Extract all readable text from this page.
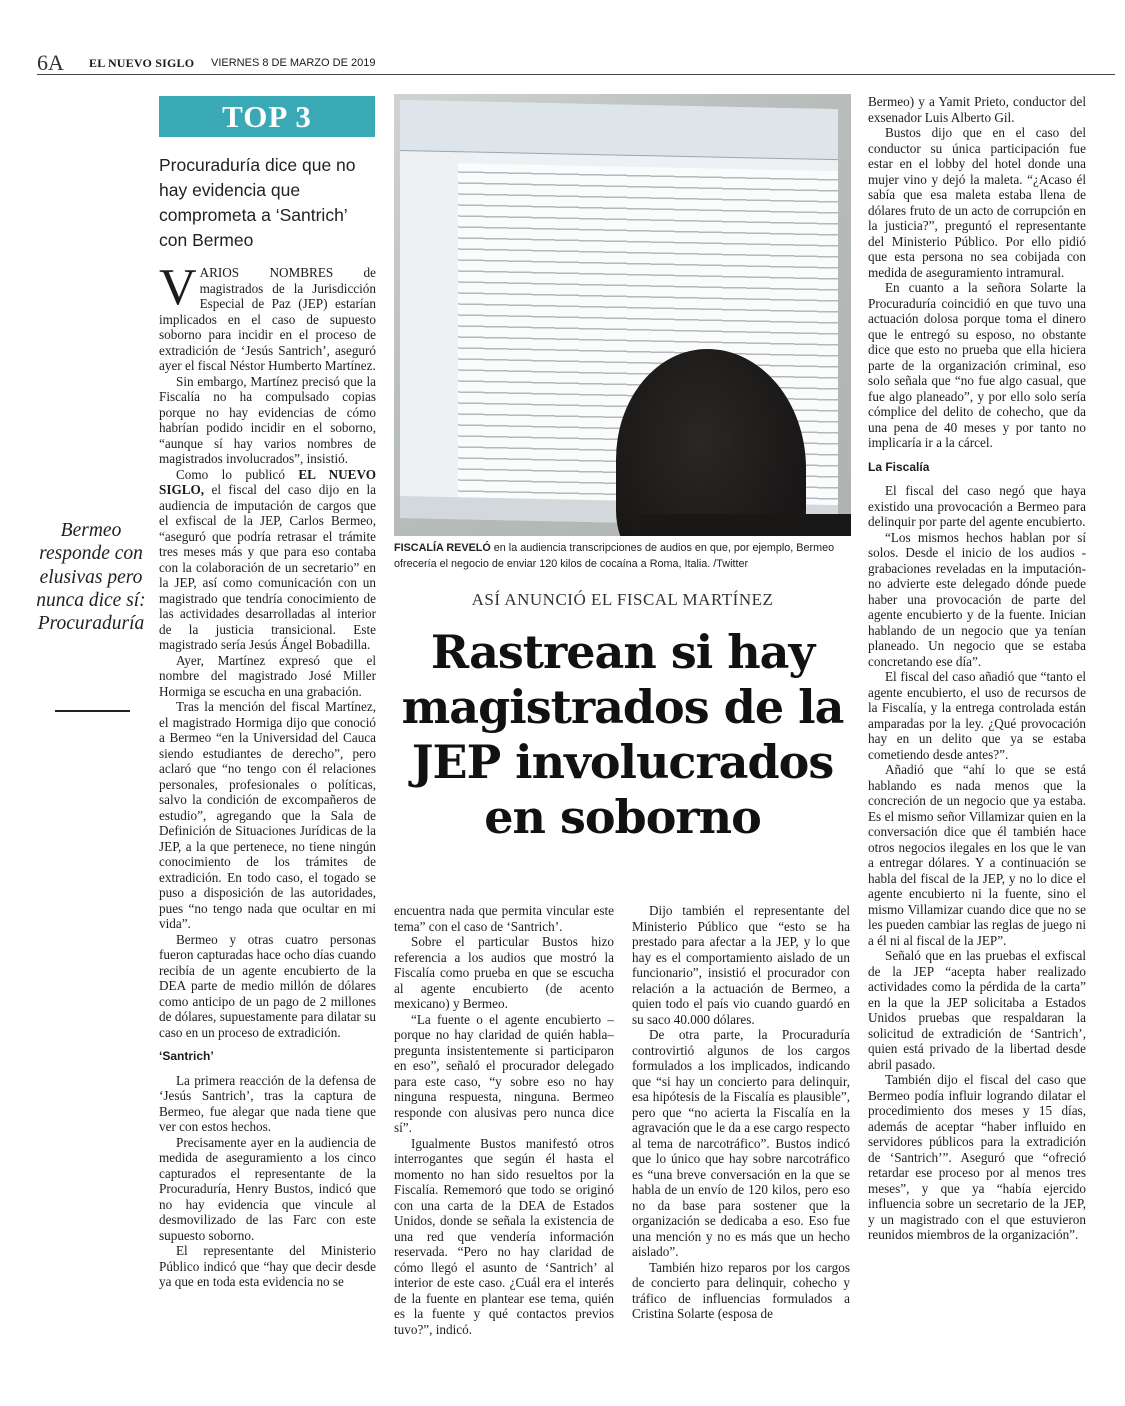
6A EL NUEVO SIGLO VIERNES 8 DE MARZO DE 2019
TOP 3
Procuraduría dice que no hay evidencia que comprometa a ‘Santrich’ con Bermeo

VARIOS NOMBRES de magistrados de la Jurisdicción Especial de Paz (JEP) estarían implicados en el caso de supuesto soborno para incidir en el proceso de extradición de ‘Jesús Santrich’, aseguró ayer el fiscal Néstor Humberto Martínez.

Sin embargo, Martínez precisó que la Fiscalía no ha compulsado copias porque no hay evidencias de cómo habrían podido incidir en el soborno, “aunque sí hay varios nombres de magistrados involucrados”, insistió.

Como lo publicó EL NUEVO SIGLO, el fiscal del caso dijo en la audiencia de imputación de cargos que el exfiscal de la JEP, Carlos Bermeo, “aseguró que podría retrasar el trámite tres meses más y que para eso contaba con la colaboración de un secretario” en la JEP, así como comunicación con un magistrado que tendría conocimiento de las actividades desarrolladas al interior de la justicia transicional. Este magistrado sería Jesús Ángel Bobadilla.

Ayer, Martínez expresó que el nombre del magistrado José Miller Hormiga se escucha en una grabación.

Tras la mención del fiscal Martínez, el magistrado Hormiga dijo que conoció a Bermeo “en la Universidad del Cauca siendo estudiantes de derecho”, pero aclaró que “no tengo con él relaciones personales, profesionales o políticas, salvo la condición de excompañeros de estudio”, agregando que la Sala de Definición de Situaciones Jurídicas de la JEP, a la que pertenece, no tiene ningún conocimiento de los trámites de extradición. En todo caso, el togado se puso a disposición de las autoridades, pues “no tengo nada que ocultar en mi vida”.

Bermeo y otras cuatro personas fueron capturadas hace ocho días cuando recibía de un agente encubierto de la DEA parte de medio millón de dólares como anticipo de un pago de 2 millones de dólares, supuestamente para dilatar su caso en un proceso de extradición.

‘Santrich’

La primera reacción de la defensa de ‘Jesús Santrich’, tras la captura de Bermeo, fue alegar que nada tiene que ver con estos hechos.

Precisamente ayer en la audiencia de medida de aseguramiento a los cinco capturados el representante de la Procuraduría, Henry Bustos, indicó que no hay evidencia que vincule al desmovilizado de las Farc con este supuesto soborno.

El representante del Ministerio Público indicó que “hay que decir desde ya que en toda esta evidencia no se

Bermeo responde con elusivas pero nunca dice sí: Procuraduría
FISCALÍA REVELÓ en la audiencia transcripciones de audios en que, por ejemplo, Bermeo ofrecería el negocio de enviar 120 kilos de cocaína a Roma, Italia. /Twitter
ASÍ ANUNCIÓ EL FISCAL MARTÍNEZ
Rastrean si hay magistrados de la JEP involucrados en soborno

encuentra nada que permita vincular este tema” con el caso de ‘Santrich’.

Sobre el particular Bustos hizo referencia a los audios que mostró la Fiscalía como prueba en que se escucha al agente encubierto (de acento mexicano) y Bermeo.

“La fuente o el agente encubierto –porque no hay claridad de quién habla– pregunta insistentemente si participaron en eso”, señaló el procurador delegado para este caso, “y sobre eso no hay ninguna respuesta, ninguna. Bermeo responde con alusivas pero nunca dice sí”.

Igualmente Bustos manifestó otros interrogantes que según él hasta el momento no han sido resueltos por la Fiscalía. Rememoró que todo se originó con una carta de la DEA de Estados Unidos, donde se señala la existencia de una red que vendería información reservada. “Pero no hay claridad de cómo llegó el asunto de ‘Santrich’ al interior de este caso. ¿Cuál era el interés de la fuente en plantear ese tema, quién es la fuente y qué contactos previos tuvo?”, indicó.

Dijo también el representante del Ministerio Público que “esto se ha prestado para afectar a la JEP, y lo que hay es el comportamiento aislado de un funcionario”, insistió el procurador con relación a la actuación de Bermeo, a quien todo el país vio cuando guardó en su saco 40.000 dólares.

De otra parte, la Procuraduría controvirtió algunos de los cargos formulados a los implicados, indicando que “si hay un concierto para delinquir, esa hipótesis de la Fiscalía es plausible”, pero que “no acierta la Fiscalía en la agravación que le da a ese cargo respecto al tema de narcotráfico”. Bustos indicó que lo único que hay sobre narcotráfico es “una breve conversación en la que se habla de un envío de 120 kilos, pero eso no da base para sostener que la organización se dedicaba a eso. Eso fue una mención y no es más que un hecho aislado”.

También hizo reparos por los cargos de concierto para delinquir, cohecho y tráfico de influencias formulados a Cristina Solarte (esposa de

Bermeo) y a Yamit Prieto, conductor del exsenador Luis Alberto Gil.

Bustos dijo que en el caso del conductor su única participación fue estar en el lobby del hotel donde una mujer vino y dejó la maleta. “¿Acaso él sabía que esa maleta estaba llena de dólares fruto de un acto de corrupción en la justicia?”, preguntó el representante del Ministerio Público. Por ello pidió que esta persona no sea cobijada con medida de aseguramiento intramural.

En cuanto a la señora Solarte la Procuraduría coincidió en que tuvo una actuación dolosa porque toma el dinero que le entregó su esposo, no obstante dice que esto no prueba que ella hiciera parte de la organización criminal, eso solo señala que “no fue algo casual, que fue algo planeado”, y por ello solo sería cómplice del delito de cohecho, que da una pena de 40 meses y por tanto no implicaría ir a la cárcel.

La Fiscalía

El fiscal del caso negó que haya existido una provocación a Bermeo para delinquir por parte del agente encubierto.

“Los mismos hechos hablan por sí solos. Desde el inicio de los audios -grabaciones reveladas en la imputación- no advierte este delegado dónde puede haber una provocación de parte del agente encubierto y de la fuente. Inician hablando de un negocio que ya tenían planeado. Un negocio que se estaba concretando ese día”.

El fiscal del caso añadió que “tanto el agente encubierto, el uso de recursos de la Fiscalía, y la entrega controlada están amparadas por la ley. ¿Qué provocación hay en un delito que ya se estaba cometiendo desde antes?”.

Añadió que “ahí lo que se está hablando es nada menos que la concreción de un negocio que ya estaba. Es el mismo señor Villamizar quien en la conversación dice que él también hace otros negocios ilegales en los que le van a entregar dólares. Y a continuación se habla del fiscal de la JEP, y no lo dice el agente encubierto ni la fuente, sino el mismo Villamizar cuando dice que no se les pueden cambiar las reglas de juego ni a él ni al fiscal de la JEP”.

Señaló que en las pruebas el exfiscal de la JEP “acepta haber realizado actividades como la pérdida de la carta” en la que la JEP solicitaba a Estados Unidos pruebas que respaldaran la solicitud de extradición de ‘Santrich’, quien está privado de la libertad desde abril pasado.

También dijo el fiscal del caso que Bermeo podía influir logrando dilatar el procedimiento dos meses y 15 días, además de aceptar “haber influido en servidores públicos para la extradición de ‘Santrich’”. Aseguró que “ofreció retardar ese proceso por al menos tres meses”, y que ya “había ejercido influencia sobre un secretario de la JEP, y un magistrado con el que estuvieron reunidos miembros de la organización”.
